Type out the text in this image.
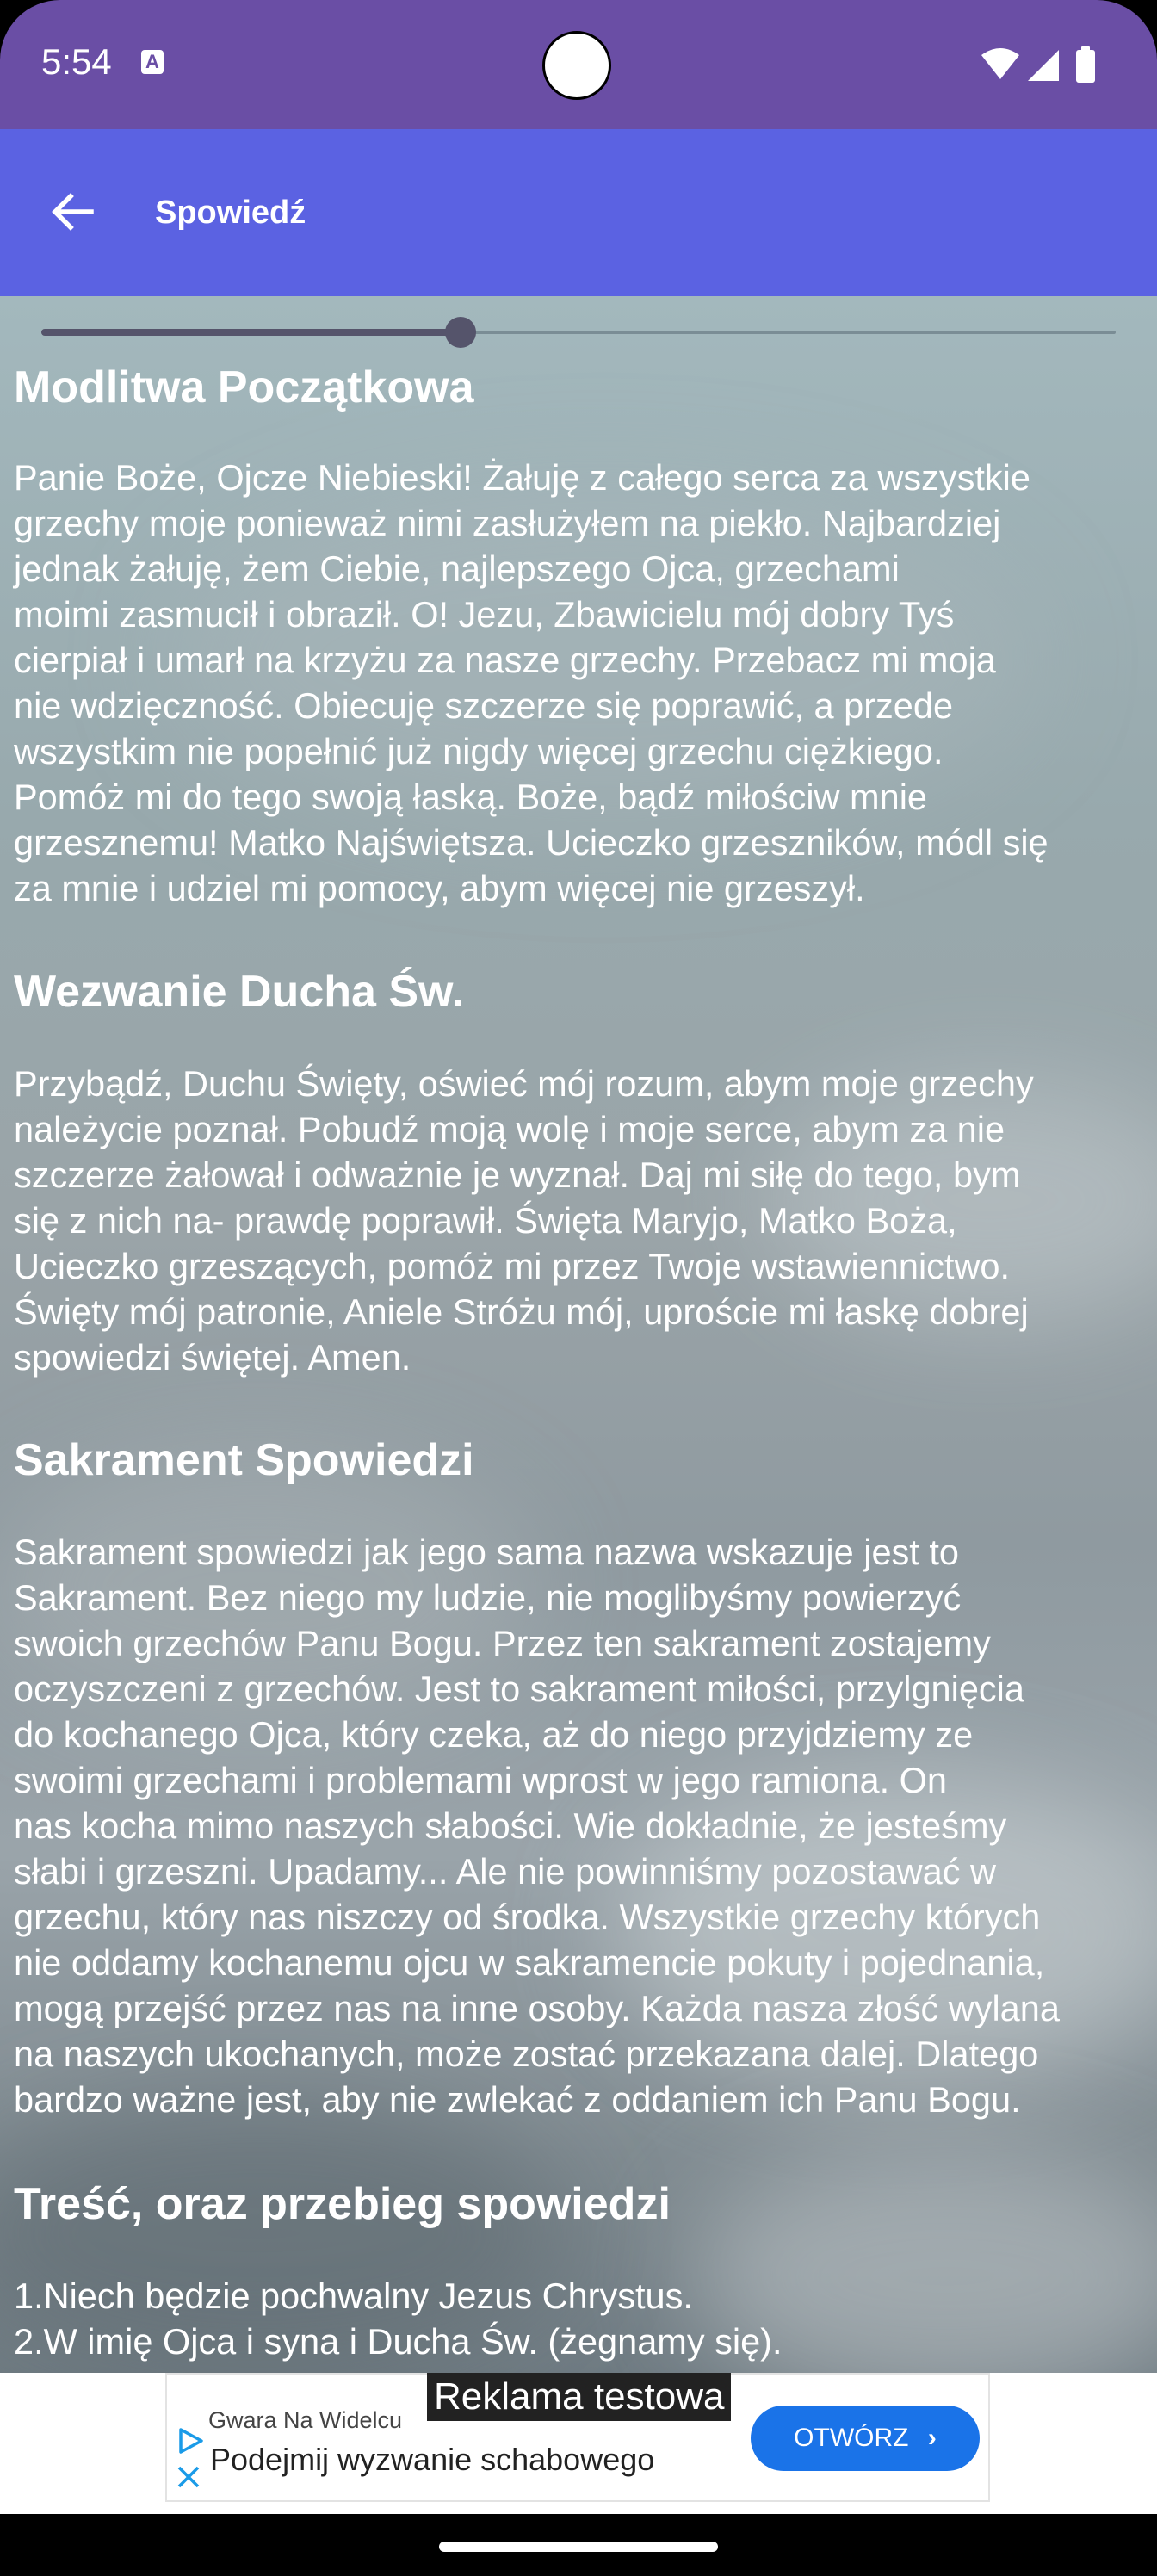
5:54 A
Spowiedź
Modlitwa Początkowa

Panie Boże, Ojcze Niebieski! Żałuję z całego serca za wszystkie
grzechy moje ponieważ nimi zasłużyłem na piekło. Najbardziej
jednak żałuję, żem Ciebie, najlepszego Ojca, grzechami
moimi zasmucił i obraził. O! Jezu, Zbawicielu mój dobry Tyś
cierpiał i umarł na krzyżu za nasze grzechy. Przebacz mi moja
nie wdzięczność. Obiecuję szczerze się poprawić, a przede
wszystkim nie popełnić już nigdy więcej grzechu ciężkiego.
Pomóż mi do tego swoją łaską. Boże, bądź miłościw mnie
grzesznemu! Matko Najświętsza. Ucieczko grzeszników, módl się
za mnie i udziel mi pomocy, abym więcej nie grzeszył.

Wezwanie Ducha Św.

Przybądź, Duchu Święty, oświeć mój rozum, abym moje grzechy
należycie poznał. Pobudź moją wolę i moje serce, abym za nie
szczerze żałował i odważnie je wyznał. Daj mi siłę do tego, bym
się z nich na- prawdę poprawił. Święta Maryjo, Matko Boża,
Ucieczko grzeszących, pomóż mi przez Twoje wstawiennictwo.
Święty mój patronie, Aniele Stróżu mój, uproście mi łaskę dobrej
spowiedzi świętej. Amen.

Sakrament Spowiedzi

Sakrament spowiedzi jak jego sama nazwa wskazuje jest to
Sakrament. Bez niego my ludzie, nie moglibyśmy powierzyć
swoich grzechów Panu Bogu. Przez ten sakrament zostajemy
oczyszczeni z grzechów. Jest to sakrament miłości, przylgnięcia
do kochanego Ojca, który czeka, aż do niego przyjdziemy ze
swoimi grzechami i problemami wprost w jego ramiona. On
nas kocha mimo naszych słabości. Wie dokładnie, że jesteśmy
słabi i grzeszni. Upadamy... Ale nie powinniśmy pozostawać w
grzechu, który nas niszczy od środka. Wszystkie grzechy których
nie oddamy kochanemu ojcu w sakramencie pokuty i pojednania,
mogą przejść przez nas na inne osoby. Każda nasza złość wylana
na naszych ukochanych, może zostać przekazana dalej. Dlatego
bardzo ważne jest, aby nie zwlekać z oddaniem ich Panu Bogu.

Treść, oraz przebieg spowiedzi

1.Niech będzie pochwalny Jezus Chrystus.
2.W imię Ojca i syna i Ducha Św. (żegnamy się).

Gwara Na Widelcu
Podejmij wyzwanie schabowego
OTWÓRZ ›
Reklama testowa
